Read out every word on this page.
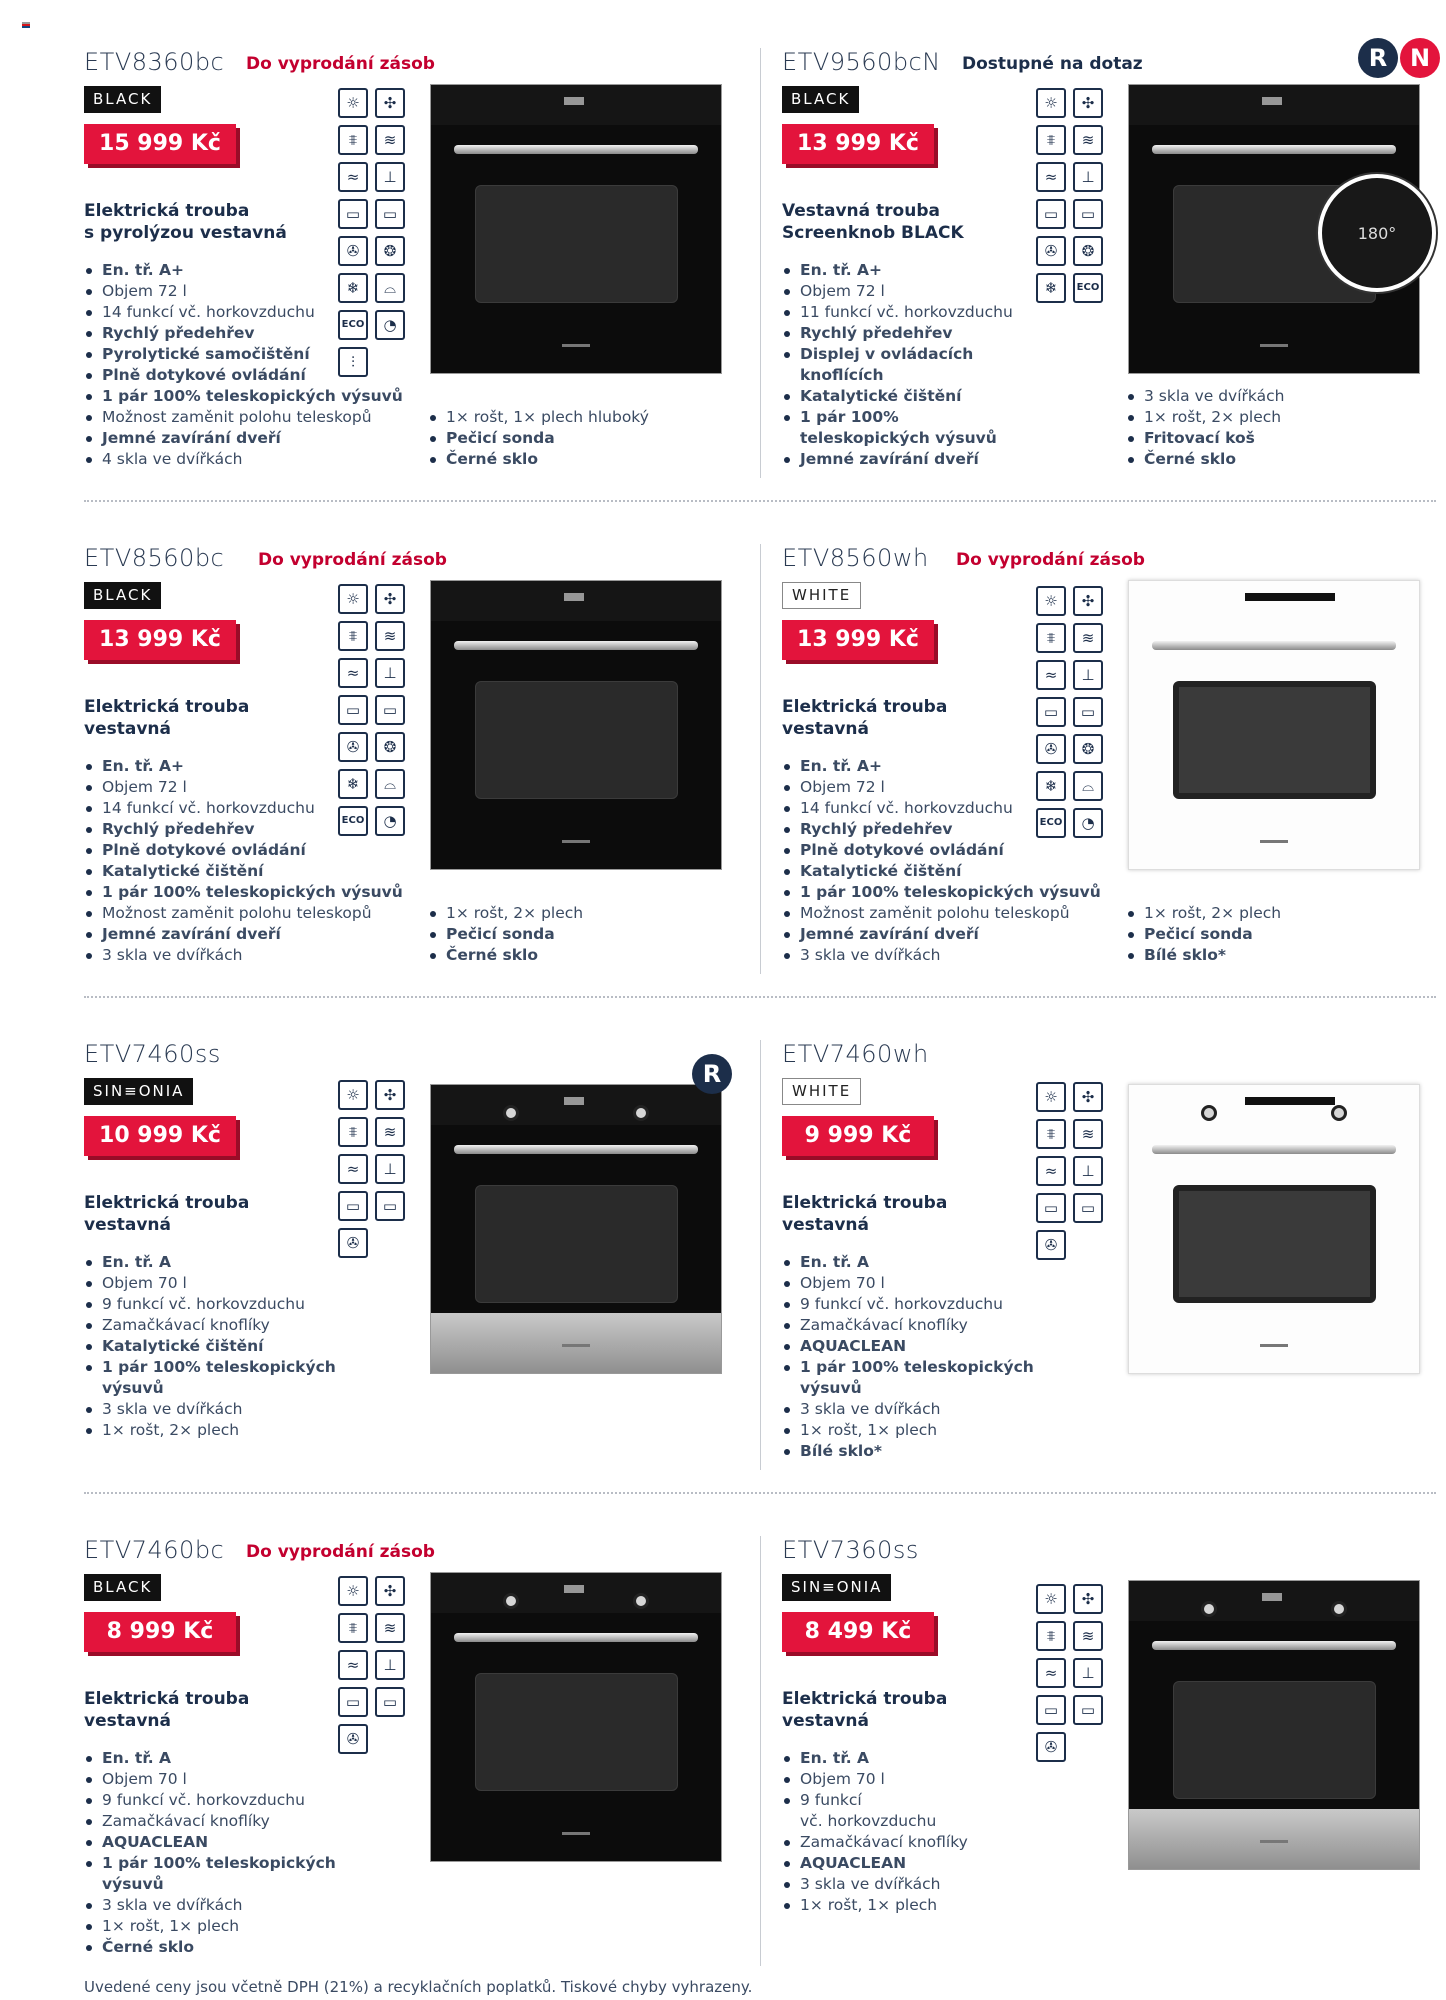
ETV8360bc Do vyprodání zásob
BLACK
15 999 Kč
Elektrická trouba
s pyrolýzou vestavná
En. tř. A+
Objem 72 l
14 funkcí vč. horkovzduchu
Rychlý předehřev
Pyrolytické samočištění
Plně dotykové ovládání
1 pár 100% teleskopických výsuvů
Možnost zaměnit polohu teleskopů
Jemné zavírání dveří
4 skla ve dvířkách
1× rošt, 1× plech hluboký
Pečicí sonda
Černé sklo
☼	✣
⩨	≋
≈	⊥
▭	▭
✇	❂
❄	⌓
ECO	◔
⫶
ETV9560bcN Dostupné na dotaz
BLACK
13 999 Kč
Vestavná trouba
Screenknob BLACK
En. tř. A+
Objem 72 l
11 funkcí vč. horkovzduchu
Rychlý předehřev
Displej v ovládacích
knoflících
Katalytické čištění
1 pár 100%
teleskopických výsuvů
Jemné zavírání dveří
3 skla ve dvířkách
1× rošt, 2× plech
Fritovací koš
Černé sklo
☼	✣
⩨	≋
≈	⊥
▭	▭
✇	❂
❄	ECO
180°
R N
ETV8560bc Do vyprodání zásob
BLACK
13 999 Kč
Elektrická trouba
vestavná
En. tř. A+
Objem 72 l
14 funkcí vč. horkovzduchu
Rychlý předehřev
Plně dotykové ovládání
Katalytické čištění
1 pár 100% teleskopických výsuvů
Možnost zaměnit polohu teleskopů
Jemné zavírání dveří
3 skla ve dvířkách
1× rošt, 2× plech
Pečicí sonda
Černé sklo
☼	✣
⩨	≋
≈	⊥
▭	▭
✇	❂
❄	⌓
ECO	◔
ETV8560wh Do vyprodání zásob
WHITE
13 999 Kč
Elektrická trouba
vestavná
En. tř. A+
Objem 72 l
14 funkcí vč. horkovzduchu
Rychlý předehřev
Plně dotykové ovládání
Katalytické čištění
1 pár 100% teleskopických výsuvů
Možnost zaměnit polohu teleskopů
Jemné zavírání dveří
3 skla ve dvířkách
1× rošt, 2× plech
Pečicí sonda
Bílé sklo*
☼	✣
⩨	≋
≈	⊥
▭	▭
✇	❂
❄	⌓
ECO	◔
ETV7460ss
SIN≡ONIA
10 999 Kč
Elektrická trouba
vestavná
En. tř. A
Objem 70 l
9 funkcí vč. horkovzduchu
Zamačkávací knoflíky
Katalytické čištění
1 pár 100% teleskopických
výsuvů
3 skla ve dvířkách
1× rošt, 2× plech
☼	✣
⩨	≋
≈	⊥
▭	▭
✇
R
ETV7460wh
WHITE
9 999 Kč
Elektrická trouba
vestavná
En. tř. A
Objem 70 l
9 funkcí vč. horkovzduchu
Zamačkávací knoflíky
AQUACLEAN
1 pár 100% teleskopických
výsuvů
3 skla ve dvířkách
1× rošt, 1× plech
Bílé sklo*
☼	✣
⩨	≋
≈	⊥
▭	▭
✇
ETV7460bc Do vyprodání zásob
BLACK
8 999 Kč
Elektrická trouba
vestavná
En. tř. A
Objem 70 l
9 funkcí vč. horkovzduchu
Zamačkávací knoflíky
AQUACLEAN
1 pár 100% teleskopických
výsuvů
3 skla ve dvířkách
1× rošt, 1× plech
Černé sklo
☼	✣
⩨	≋
≈	⊥
▭	▭
✇
ETV7360ss
SIN≡ONIA
8 499 Kč
Elektrická trouba
vestavná
En. tř. A
Objem 70 l
9 funkcí
vč. horkovzduchu
Zamačkávací knoflíky
AQUACLEAN
3 skla ve dvířkách
1× rošt, 1× plech
☼	✣
⩨	≋
≈	⊥
▭	▭
✇
Uvedené ceny jsou včetně DPH (21%) a recyklačních poplatků. Tiskové chyby vyhrazeny.
